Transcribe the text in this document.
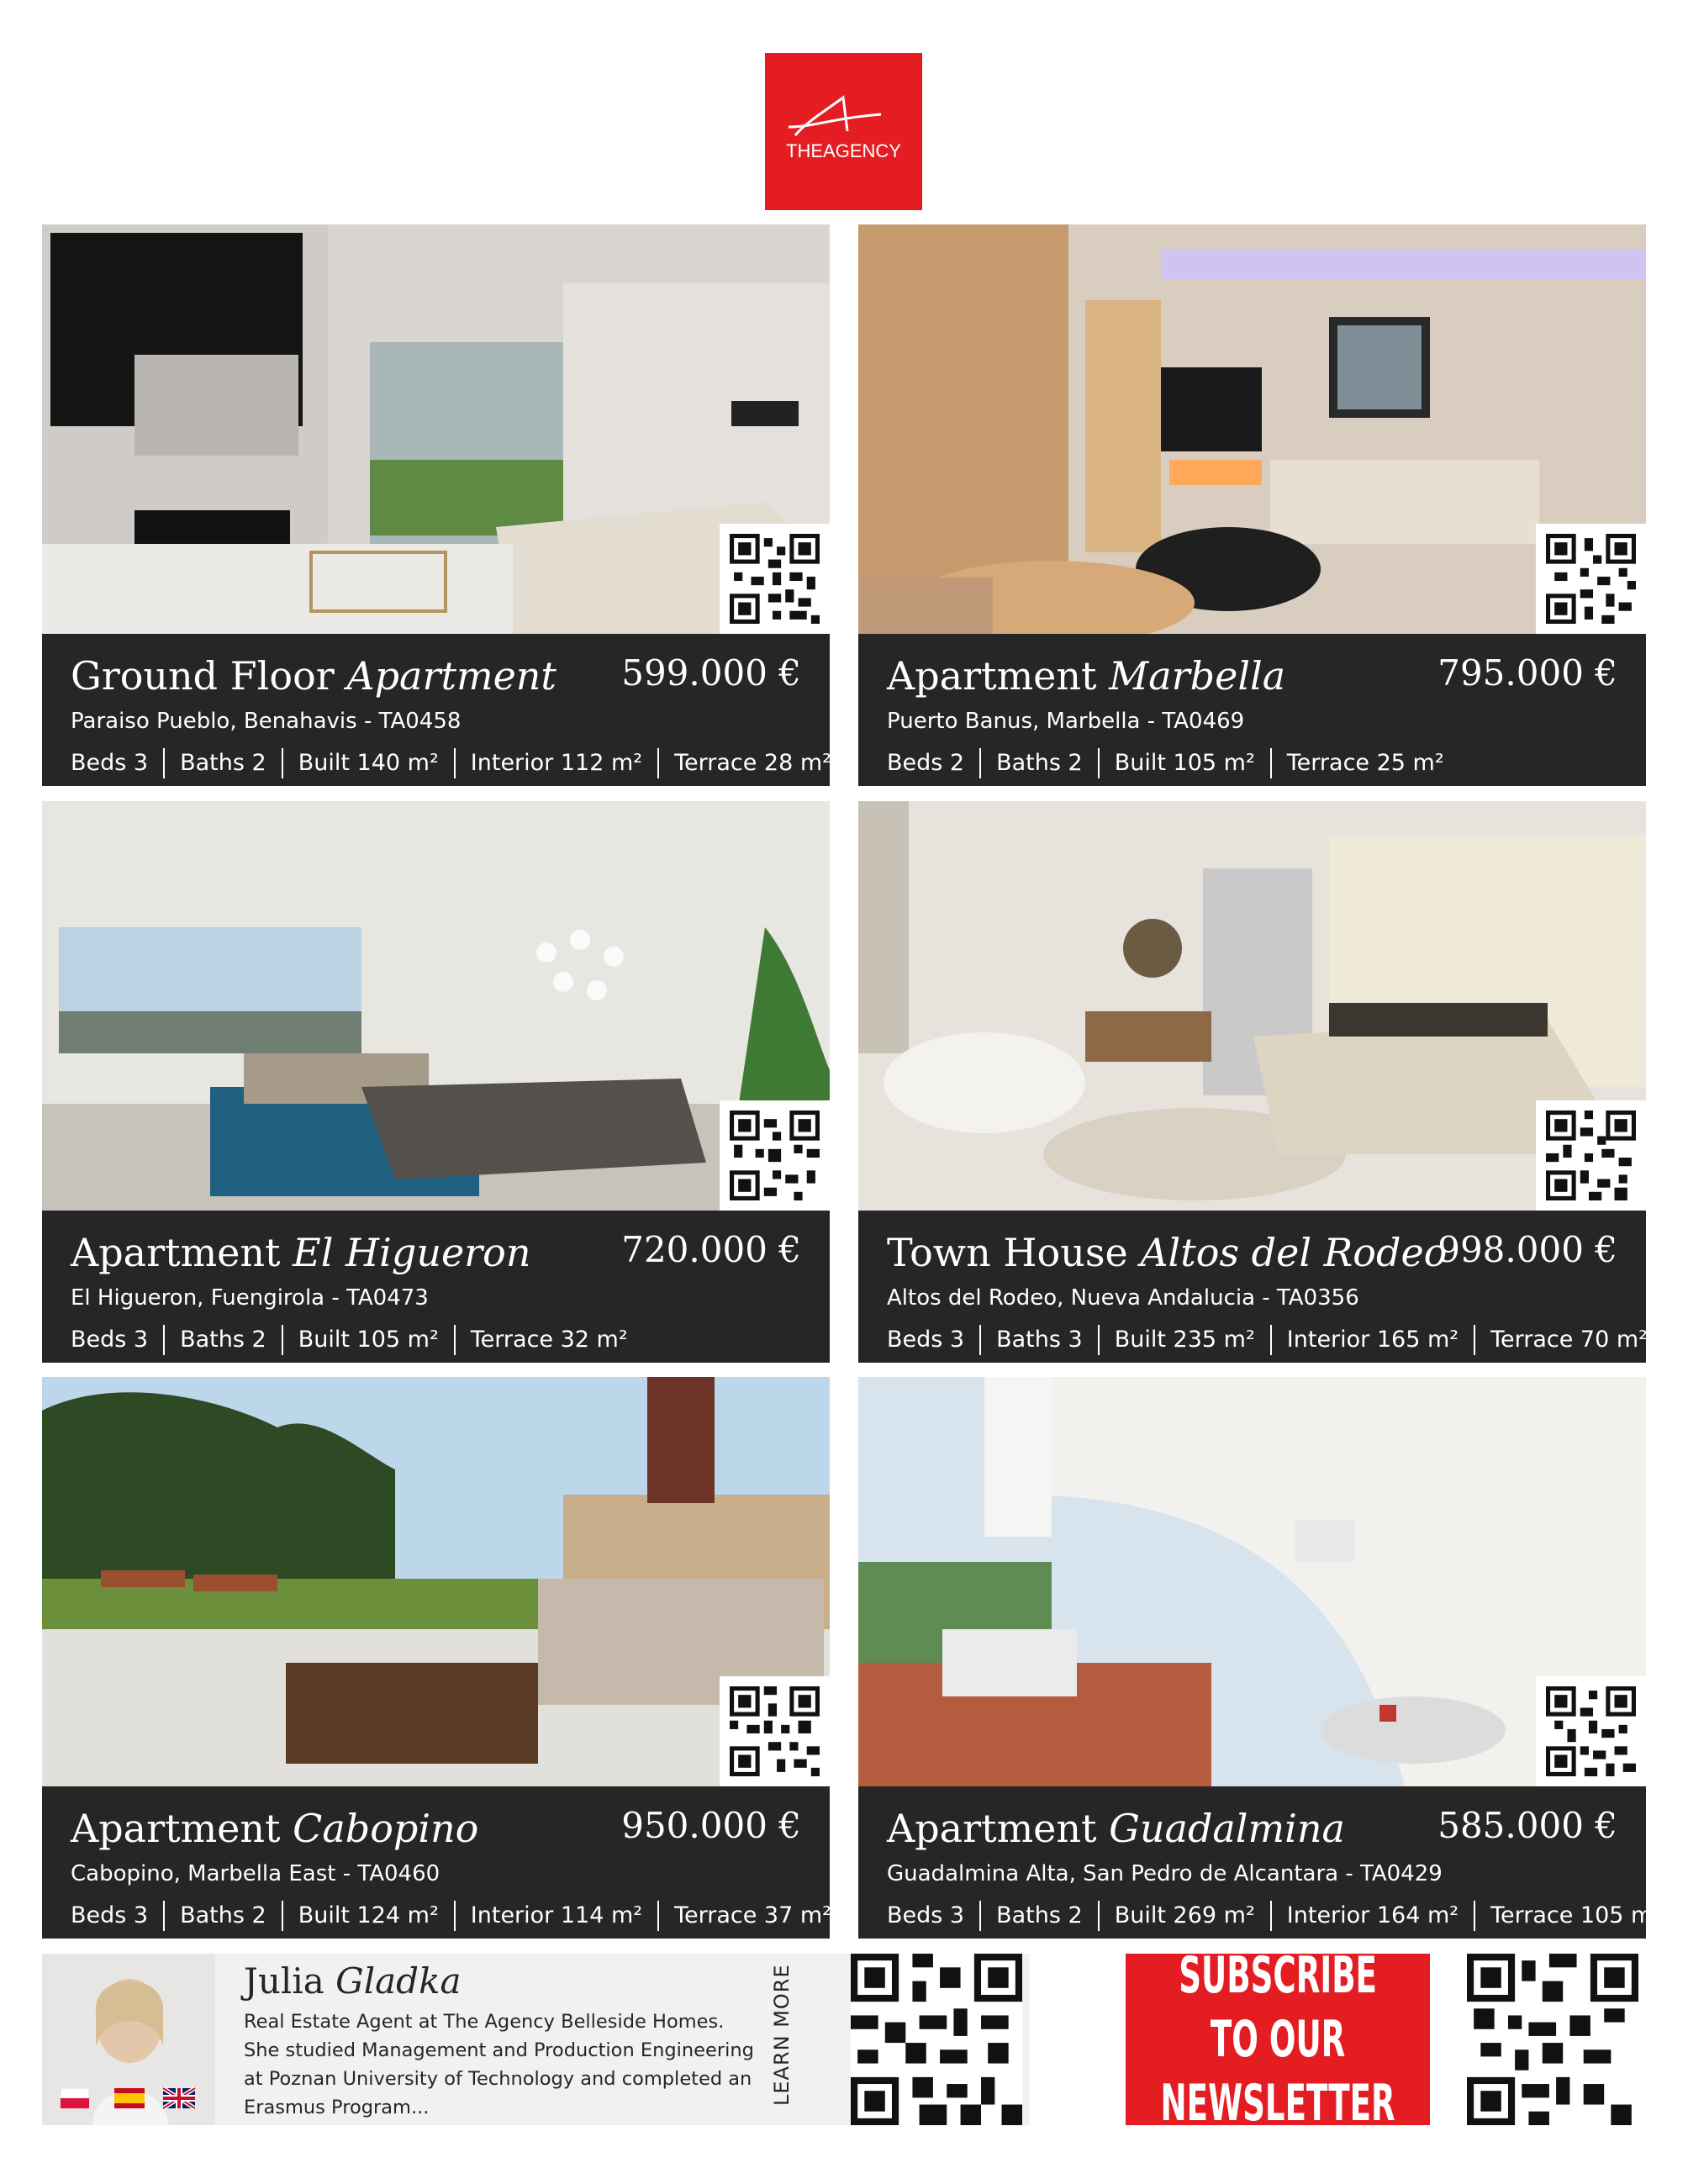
THEAGENCY
Ground Floor Apartment 599.000 €
Paraiso Pueblo, Benahavis - TA0458
Beds 3	Baths 2	Built 140 m²	Interior 112 m²	Terrace 28 m²
Apartment Marbella	795.000 €
Puerto Banus, Marbella - TA0469
Beds 2	Baths 2	Built 105 m²	Terrace 25 m²
Apartment El Higueron	720.000 €
El Higueron, Fuengirola - TA0473
Beds 3	Baths 2	Built 105 m²	Terrace 32 m²
Town House Altos del Rodeo
998.000 €
Altos del Rodeo, Nueva Andalucia - TA0356
Beds 3	Baths 3	Built 235 m²	Interior 165 m²	Terrace 70 m²
Apartment Cabopino	950.000 €
Cabopino, Marbella East - TA0460
Beds 3	Baths 2	Built 124 m²	Interior 114 m²	Terrace 37 m²
Apartment Guadalmina	585.000 €
Guadalmina Alta, San Pedro de Alcantara - TA0429
Beds 3	Baths 2	Built 269 m²	Interior 164 m²	Terrace 105 m²
Julia Gladka
Real Estate Agent at The Agency Belleside Homes. She studied Management and Production Engineering at Poznan University of Technology and completed an Erasmus Program...
LEARN MORE	SUBSCRIBE TO OUR
NEWSLETTER
